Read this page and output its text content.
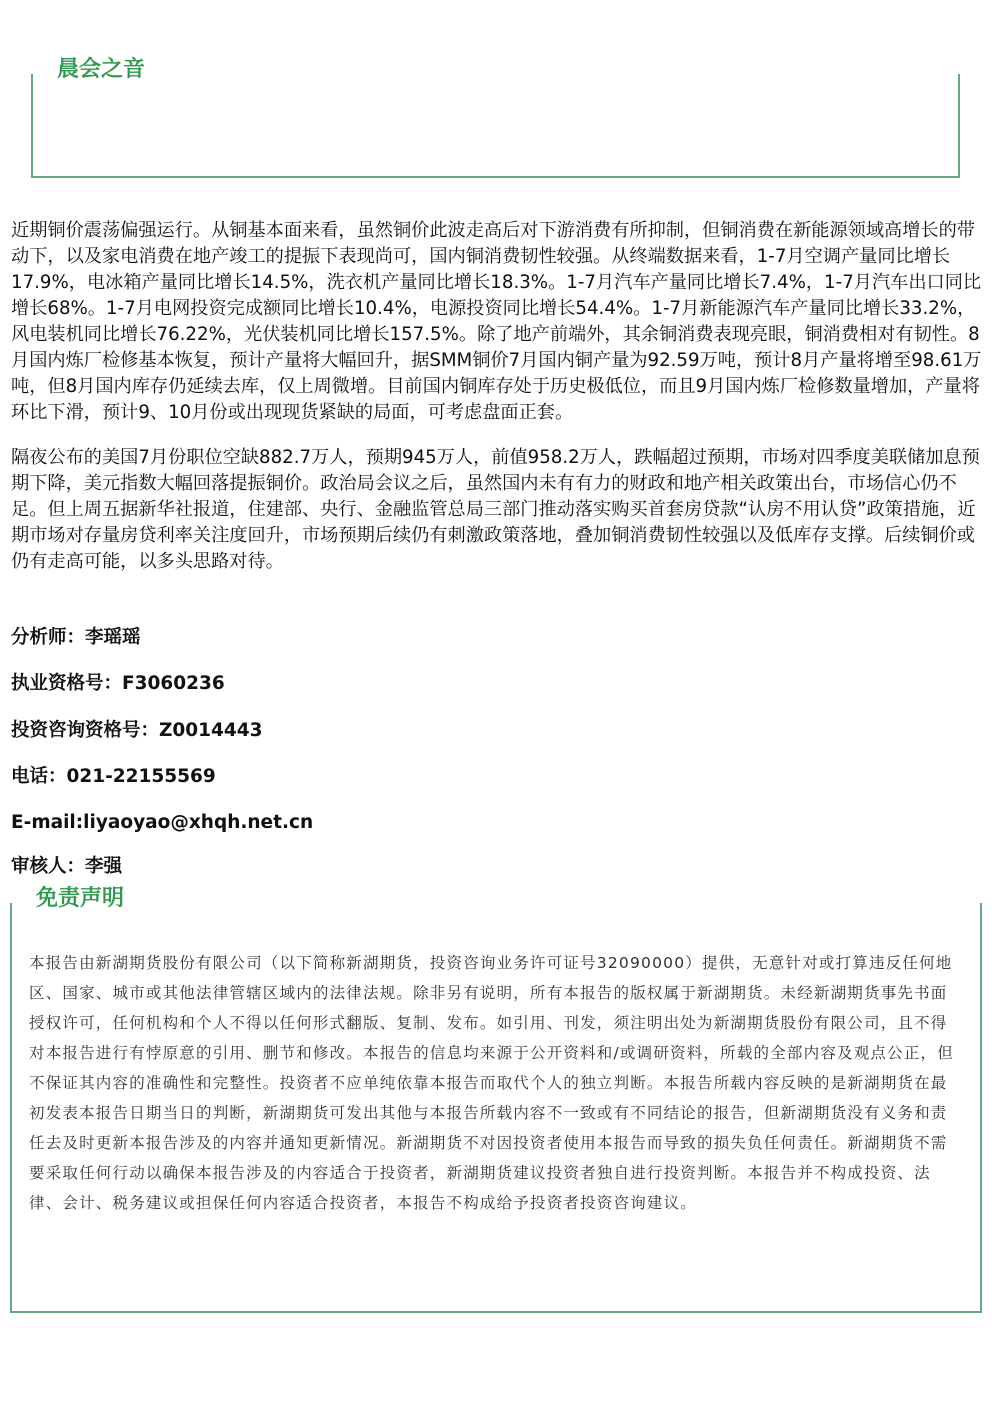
晨会之音

近期铜价震荡偏强运行。从铜基本面来看，虽然铜价此波走高后对下游消费有所抑制，但铜消费在新能源领域高增长的带动下，以及家电消费在地产竣工的提振下表现尚可，国内铜消费韧性较强。从终端数据来看，1-7月空调产量同比增长17.9%，电冰箱产量同比增长14.5%，洗衣机产量同比增长18.3%。1-7月汽车产量同比增长7.4%，1-7月汽车出口同比增长68%。1-7月电网投资完成额同比增长10.4%，电源投资同比增长54.4%。1-7月新能源汽车产量同比增长33.2%，风电装机同比增长76.22%，光伏装机同比增长157.5%。除了地产前端外，其余铜消费表现亮眼，铜消费相对有韧性。8月国内炼厂检修基本恢复，预计产量将大幅回升，据SMM铜价7月国内铜产量为92.59万吨，预计8月产量将增至98.61万吨，但8月国内库存仍延续去库，仅上周微增。目前国内铜库存处于历史极低位，而且9月国内炼厂检修数量增加，产量将环比下滑，预计9、10月份或出现现货紧缺的局面，可考虑盘面正套。

隔夜公布的美国7月份职位空缺882.7万人，预期945万人，前值958.2万人，跌幅超过预期，市场对四季度美联储加息预期下降，美元指数大幅回落提振铜价。政治局会议之后，虽然国内未有有力的财政和地产相关政策出台，市场信心仍不足。但上周五据新华社报道，住建部、央行、金融监管总局三部门推动落实购买首套房贷款“认房不用认贷”政策措施，近期市场对存量房贷利率关注度回升，市场预期后续仍有刺激政策落地，叠加铜消费韧性较强以及低库存支撑。后续铜价或仍有走高可能，以多头思路对待。

分析师：李瑶瑶
执业资格号：F3060236
投资咨询资格号：Z0014443
电话：021-22155569
E-mail:liyaoyao@xhqh.net.cn
审核人：李强
免责声明
本报告由新湖期货股份有限公司（以下简称新湖期货，投资咨询业务许可证号32090000）提供，无意针对或打算违反任何地区、国家、城市或其他法律管辖区域内的法律法规。除非另有说明，所有本报告的版权属于新湖期货。未经新湖期货事先书面授权许可，任何机构和个人不得以任何形式翻版、复制、发布。如引用、刊发，须注明出处为新湖期货股份有限公司，且不得对本报告进行有悖原意的引用、删节和修改。本报告的信息均来源于公开资料和/或调研资料，所载的全部内容及观点公正，但不保证其内容的准确性和完整性。投资者不应单纯依靠本报告而取代个人的独立判断。本报告所载内容反映的是新湖期货在最初发表本报告日期当日的判断，新湖期货可发出其他与本报告所载内容不一致或有不同结论的报告，但新湖期货没有义务和责任去及时更新本报告涉及的内容并通知更新情况。新湖期货不对因投资者使用本报告而导致的损失负任何责任。新湖期货不需要采取任何行动以确保本报告涉及的内容适合于投资者，新湖期货建议投资者独自进行投资判断。本报告并不构成投资、法律、会计、税务建议或担保任何内容适合投资者，本报告不构成给予投资者投资咨询建议。
